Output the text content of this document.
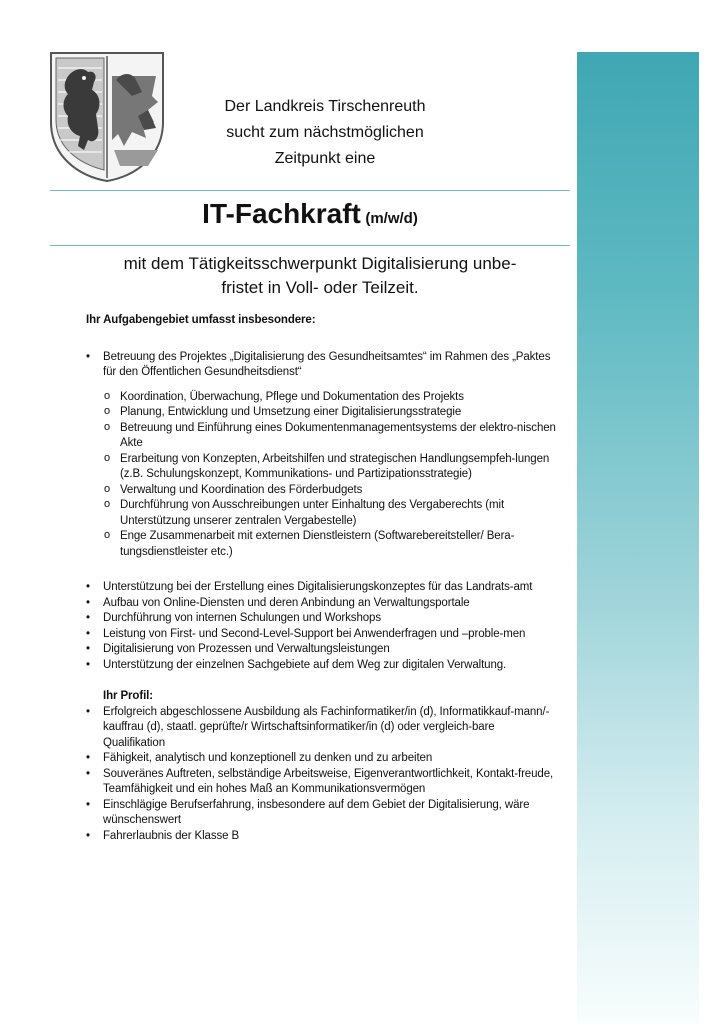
Der Landkreis Tirschenreuth
sucht zum nächstmöglichen
Zeitpunkt eine
IT-Fachkraft (m/w/d)
mit dem Tätigkeitsschwerpunkt Digitalisierung unbe-
fristet in Voll- oder Teilzeit.

Ihr Aufgabengebiet umfasst insbesondere:

• Betreuung des Projektes „Digitalisierung des Gesundheitsamtes“ im Rahmen des „Paktes für den Öffentlichen Gesundheitsdienst“
o Koordination, Überwachung, Pflege und Dokumentation des Projekts
o Planung, Entwicklung und Umsetzung einer Digitalisierungsstrategie
o Betreuung und Einführung eines Dokumentenmanagementsystems der elektro-nischen Akte
o Erarbeitung von Konzepten, Arbeitshilfen und strategischen Handlungsempfeh-lungen (z.B. Schulungskonzept, Kommunikations- und Partizipationsstrategie)
o Verwaltung und Koordination des Förderbudgets
o Durchführung von Ausschreibungen unter Einhaltung des Vergaberechts (mit Unterstützung unserer zentralen Vergabestelle)
o Enge Zusammenarbeit mit externen Dienstleistern (Softwarebereitsteller/ Bera-tungsdienstleister etc.)
• Unterstützung bei der Erstellung eines Digitalisierungskonzeptes für das Landrats-amt
• Aufbau von Online-Diensten und deren Anbindung an Verwaltungsportale
• Durchführung von internen Schulungen und Workshops
• Leistung von First- und Second-Level-Support bei Anwenderfragen und –proble-men
• Digitalisierung von Prozessen und Verwaltungsleistungen
• Unterstützung der einzelnen Sachgebiete auf dem Weg zur digitalen Verwaltung.
Ihr Profil:
• Erfolgreich abgeschlossene Ausbildung als Fachinformatiker/in (d), Informatikkauf-mann/-kauffrau (d), staatl. geprüfte/r Wirtschaftsinformatiker/in (d) oder vergleich-bare Qualifikation
• Fähigkeit, analytisch und konzeptionell zu denken und zu arbeiten
• Souveränes Auftreten, selbständige Arbeitsweise, Eigenverantwortlichkeit, Kontakt-freude, Teamfähigkeit und ein hohes Maß an Kommunikationsvermögen
• Einschlägige Berufserfahrung, insbesondere auf dem Gebiet der Digitalisierung, wäre wünschenswert
• Fahrerlaubnis der Klasse B
